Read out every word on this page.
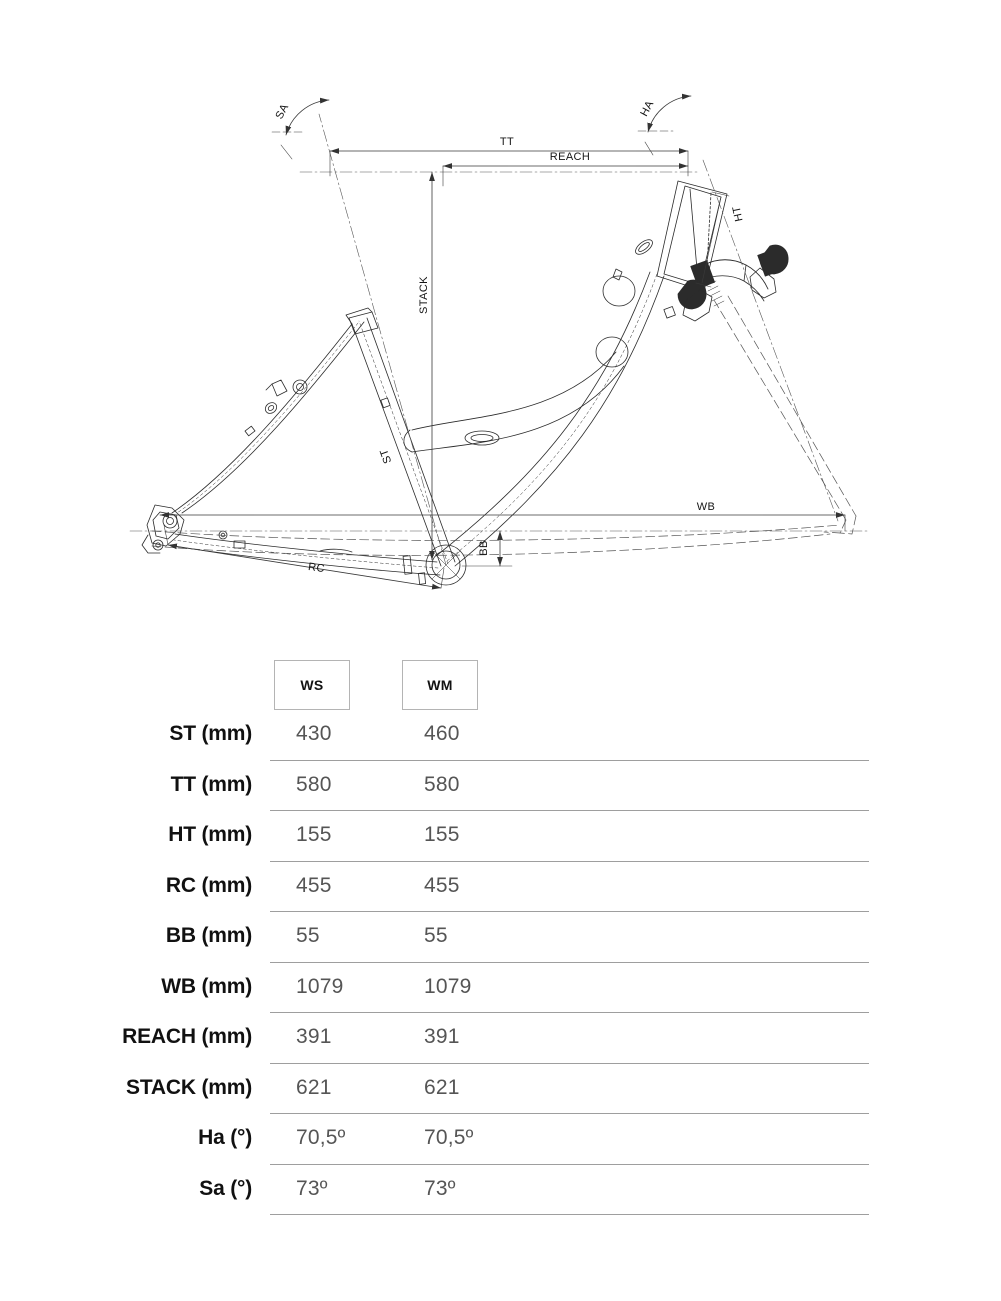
TT
REACH
STACK
WB
RC
BB
SA	HA
HT
ST
WS	WM
ST (mm) 430	460
TT (mm) 580	580
HT (mm) 155	155
RC (mm) 455	455
BB (mm) 55	55
WB (mm) 1079	1079
REACH (mm) 391	391
STACK (mm) 621	621
Ha (°) 70,5º	70,5º
Sa (°) 73º	73º
